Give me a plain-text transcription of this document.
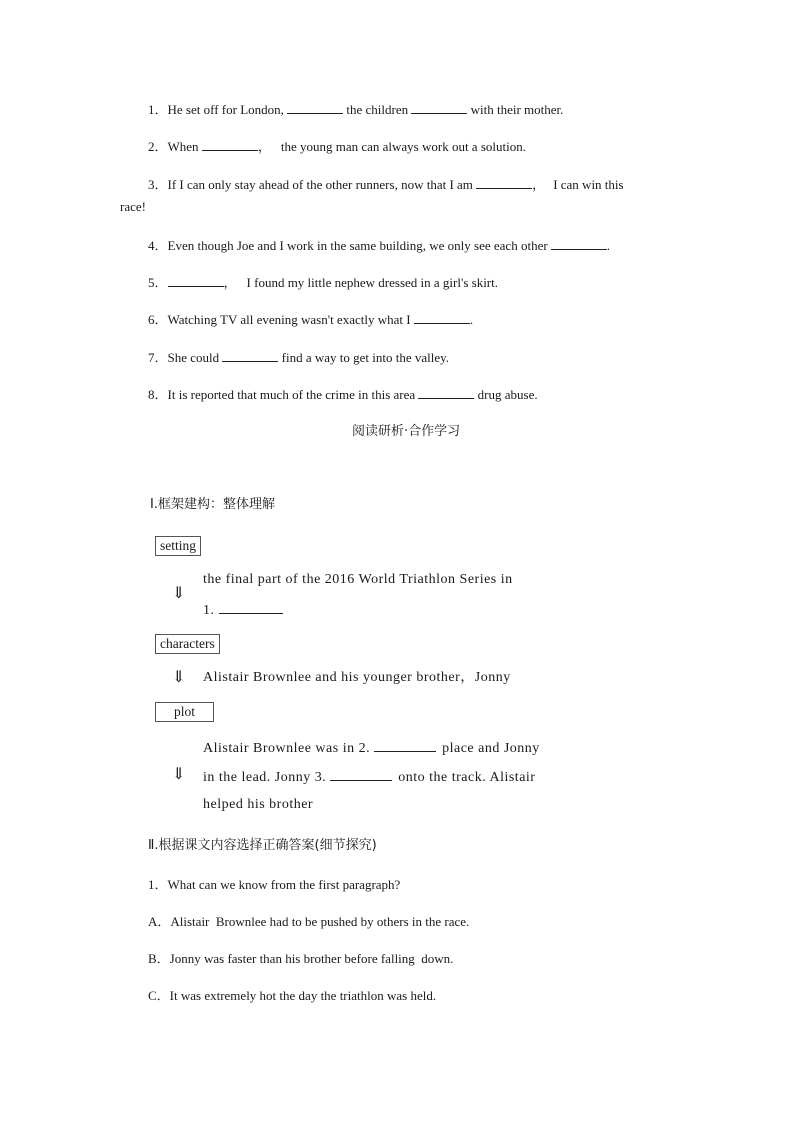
1．He set off for London,	the children	with their mother.
2．When	， the young man can always work out a solution.
3．If I can only stay ahead of the other runners, now that I am	， I can win this
race!
4．Even though Joe and I work in the same building, we only see each other	.
5．	， I found my little nephew dressed in a girl's skirt.
6．Watching TV all evening wasn't exactly what I	.
7．She could	find a way to get into the valley.
8．It is reported that much of the crime in this area	drug abuse.
阅读研析·合作学习
Ⅰ.框架建构：整体理解
setting
⇓
the final part of the 2016 World Triathlon Series in
1.
characters
⇓ Alistair Brownlee and his younger brother，Jonny
plot
⇓
Alistair Brownlee was in 2.	place and Jonny
in the lead. Jonny 3.	onto the track. Alistair
helped his brother
Ⅱ.根据课文内容选择正确答案(细节探究)
1．What can we know from the first paragraph?
A．Alistair  Brownlee had to be pushed by others in the race.
B．Jonny was faster than his brother before falling  down.
C．It was extremely hot the day the triathlon was held.
